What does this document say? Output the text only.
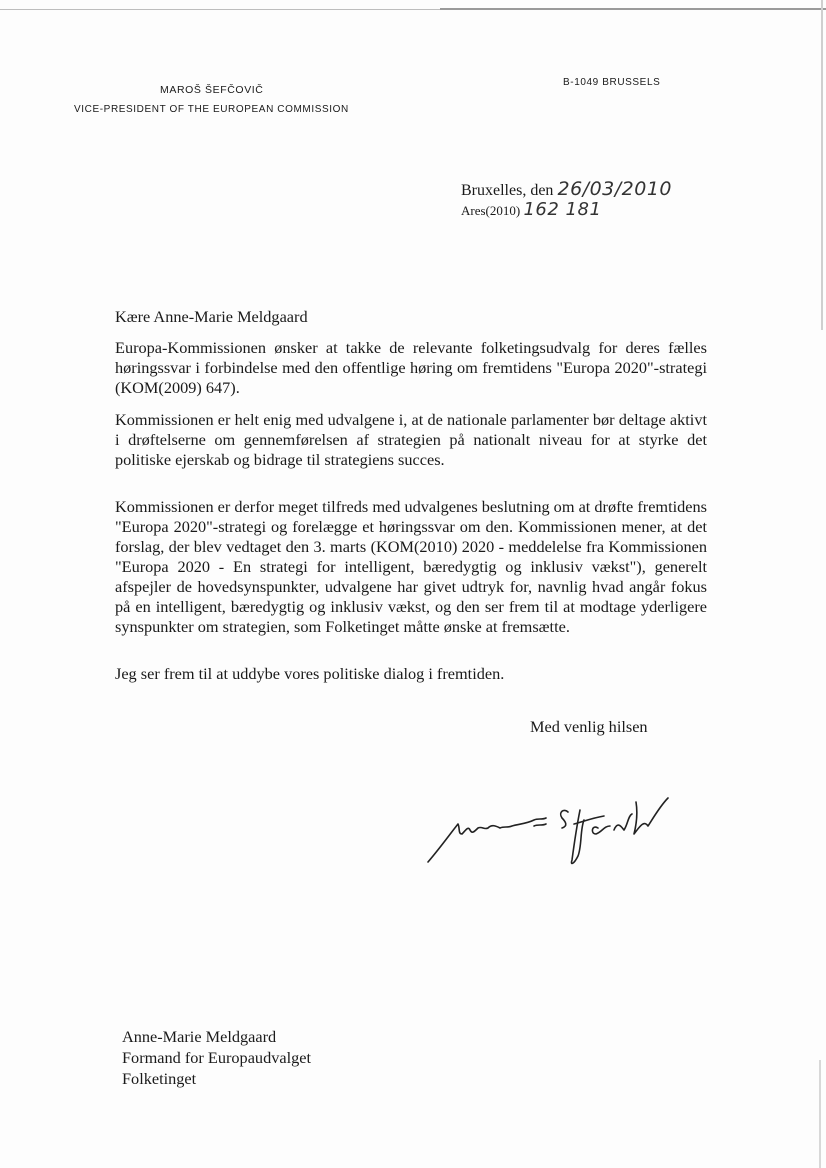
MAROŠ ŠEFČOVIČ
VICE-PRESIDENT OF THE EUROPEAN COMMISSION
B-1049 BRUSSELS
Bruxelles, den 26/03/2010
Ares(2010) 162 181
Kære Anne-Marie Meldgaard

Europa-Kommissionen ønsker at takke de relevante folketingsudvalg for deres fælles høringssvar i forbindelse med den offentlige høring om fremtidens "Europa 2020"-strategi (KOM(2009) 647).

Kommissionen er helt enig med udvalgene i, at de nationale parlamenter bør deltage aktivt i drøftelserne om gennemførelsen af strategien på nationalt niveau for at styrke det politiske ejerskab og bidrage til strategiens succes.

Kommissionen er derfor meget tilfreds med udvalgenes beslutning om at drøfte fremtidens "Europa 2020"-strategi og forelægge et høringssvar om den. Kommissionen mener, at det forslag, der blev vedtaget den 3. marts (KOM(2010) 2020 - meddelelse fra Kommissionen "Europa 2020 - En strategi for intelligent, bæredygtig og inklusiv vækst"), generelt afspejler de hovedsynspunkter, udvalgene har givet udtryk for, navnlig hvad angår fokus på en intelligent, bæredygtig og inklusiv vækst, og den ser frem til at modtage yderligere synspunkter om strategien, som Folketinget måtte ønske at fremsætte.

Jeg ser frem til at uddybe vores politiske dialog i fremtiden.

Med venlig hilsen
Anne-Marie Meldgaard
Formand for Europaudvalget
Folketinget
